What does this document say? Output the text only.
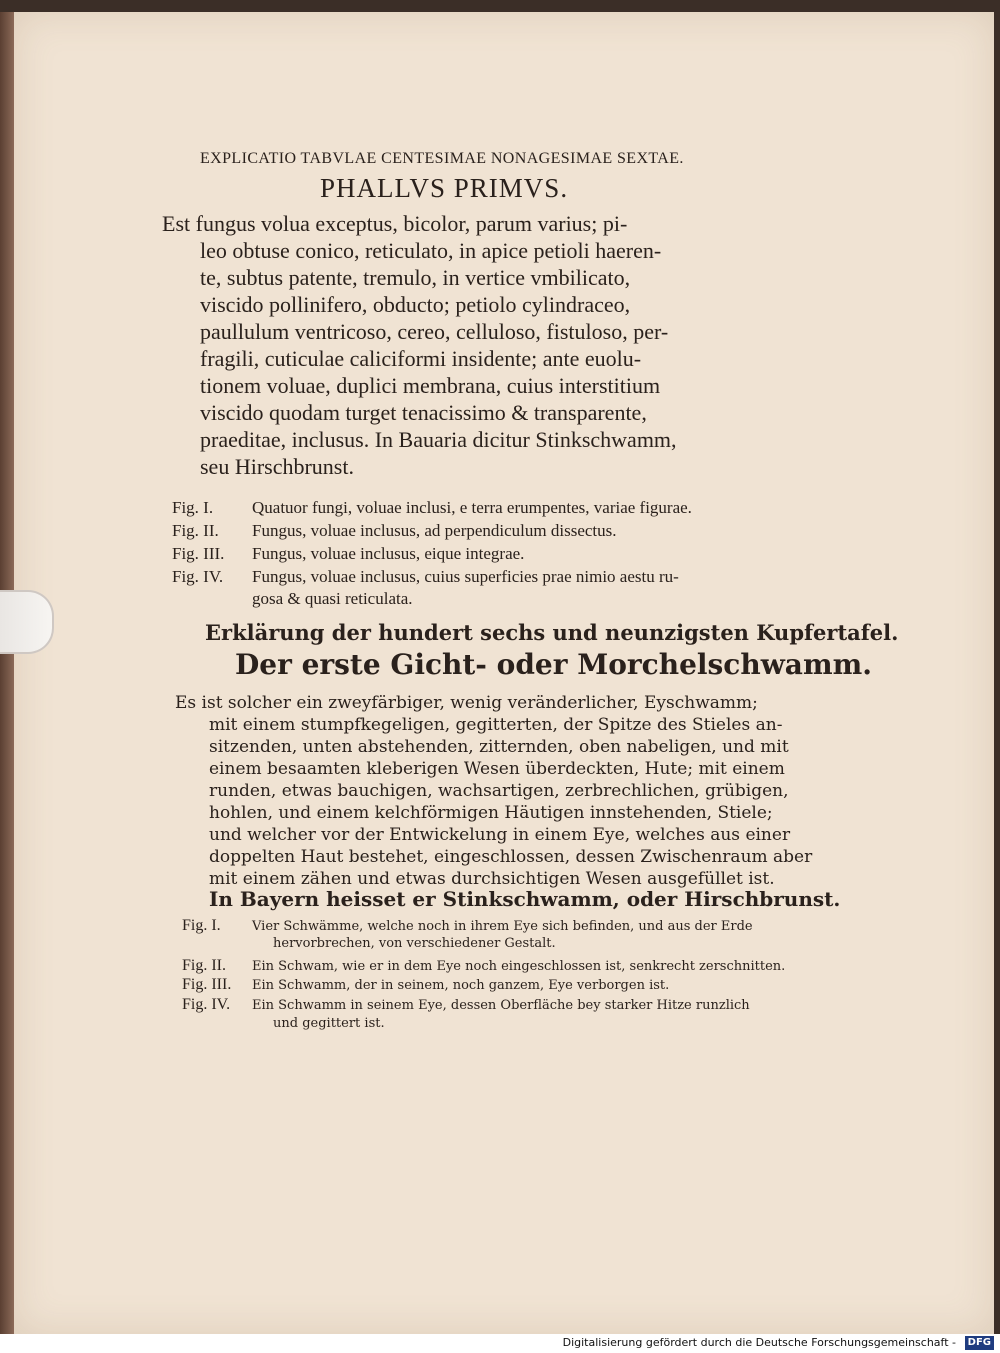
EXPLICATIO TABVLAE CENTESIMAE NONAGESIMAE SEXTAE.

PHALLVS PRIMVS.

Est fungus volua exceptus, bicolor, parum varius; pi-

leo obtuse conico, reticulato, in apice petioli haeren-

te, subtus patente, tremulo, in vertice vmbilicato,

viscido pollinifero, obducto; petiolo cylindraceo,

paullulum ventricoso, cereo, celluloso, fistuloso, per-

fragili, cuticulae caliciformi insidente; ante euolu-

tionem voluae, duplici membrana, cuius interstitium

viscido quodam turget tenacissimo & transparente,

praeditae, inclusus. In Bauaria dicitur Stinkschwamm,

seu Hirschbrunst.

Fig. I. Quatuor fungi, voluae inclusi, e terra erumpentes, variae figurae.

Fig. II. Fungus, voluae inclusus, ad perpendiculum dissectus.

Fig. III. Fungus, voluae inclusus, eique integrae.

Fig. IV. Fungus, voluae inclusus, cuius superficies prae nimio aestu ru-

gosa & quasi reticulata.

Erklärung der hundert sechs und neunzigsten Kupfertafel.

Der erste Gicht- oder Morchelschwamm.

Es ist solcher ein zweyfärbiger, wenig veränderlicher, Eyschwamm;

mit einem stumpfkegeligen, gegitterten, der Spitze des Stieles an-

sitzenden, unten abstehenden, zitternden, oben nabeligen, und mit

einem besaamten kleberigen Wesen überdeckten, Hute; mit einem

runden, etwas bauchigen, wachsartigen, zerbrechlichen, grübigen,

hohlen, und einem kelchförmigen Häutigen innstehenden, Stiele;

und welcher vor der Entwickelung in einem Eye, welches aus einer

doppelten Haut bestehet, eingeschlossen, dessen Zwischenraum aber

mit einem zähen und etwas durchsichtigen Wesen ausgefüllet ist.

In Bayern heisset er Stinkschwamm, oder Hirschbrunst.

Fig. I. Vier Schwämme, welche noch in ihrem Eye sich befinden, und aus der Erde

hervorbrechen, von verschiedener Gestalt.

Fig. II. Ein Schwam, wie er in dem Eye noch eingeschlossen ist, senkrecht zerschnitten.

Fig. III. Ein Schwamm, der in seinem, noch ganzem, Eye verborgen ist.

Fig. IV. Ein Schwamm in seinem Eye, dessen Oberfläche bey starker Hitze runzlich

und gegittert ist.

Digitalisierung gefördert durch die Deutsche Forschungsgemeinschaft -	DFG
